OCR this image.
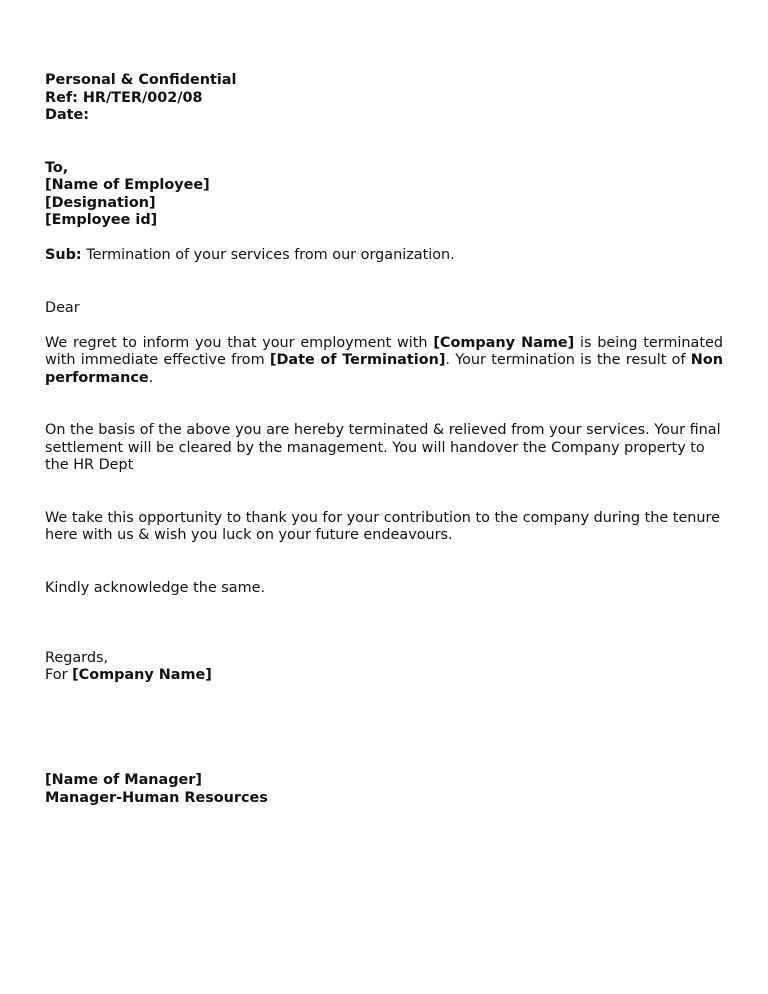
Personal & Confidential
Ref: HR/TER/002/08
Date:
To,
[Name of Employee]
[Designation]
[Employee id]
Sub: Termination of your services from our organization.
Dear
We regret to inform you that your employment with [Company Name] is being terminated with immediate effective from [Date of Termination]. Your termination is the result of Non performance.
On the basis of the above you are hereby terminated & relieved from your services. Your final settlement will be cleared by the management. You will handover the Company property to the HR Dept
We take this opportunity to thank you for your contribution to the company during the tenure here with us & wish you luck on your future endeavours.
Kindly acknowledge the same.
Regards,
For [Company Name]
[Name of Manager]
Manager-Human Resources
